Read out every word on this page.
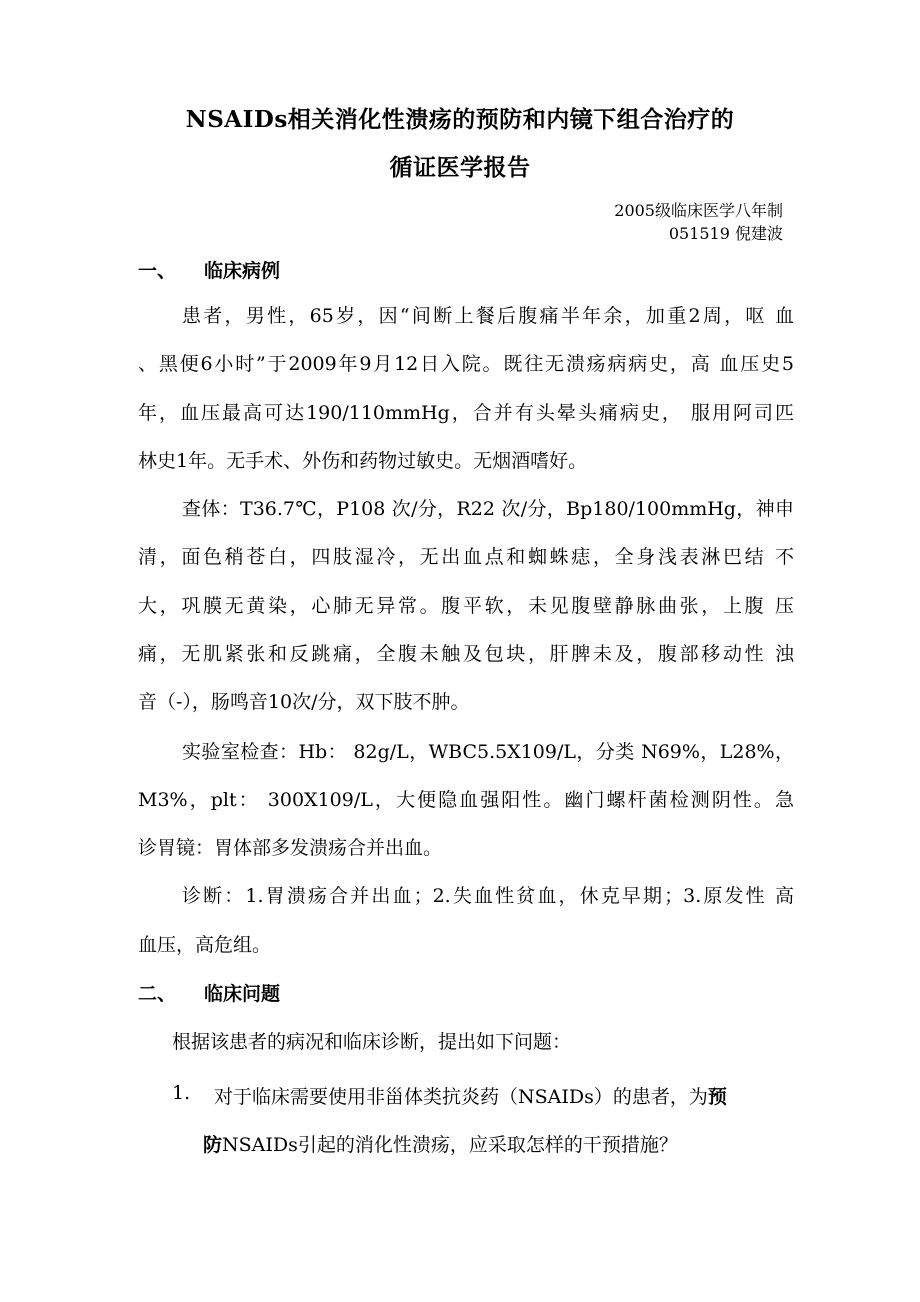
NSAIDs相关消化性溃疡的预防和内镜下组合治疗的
循证医学报告
2005级临床医学八年制
051519 倪建波
一、 临床病例
患者，男性，65岁，因“间断上餐后腹痛半年余，加重2周，呕 血
、黑便6小时”于2009年9月12日入院。既往无溃疡病病史，高 血压史5
年，血压最高可达190/110mmHg，合并有头晕头痛病史， 服用阿司匹
林史1年。无手术、外伤和药物过敏史。无烟酒嗜好。
查体：T36.7℃，P108 次/分，R22 次/分，Bp180/100mmHg，神申
清，面色稍苍白，四肢湿冷，无出血点和蜘蛛痣，全身浅表淋巴结 不
大，巩膜无黄染，心肺无异常。腹平软，未见腹壁静脉曲张，上腹 压
痛，无肌紧张和反跳痛，全腹未触及包块，肝脾未及，腹部移动性 浊
音（-），肠鸣音10次/分，双下肢不肿。
实验室检查：Hb： 82g/L，WBC5.5X109/L，分类 N69%，L28%，
M3%，plt： 300X109/L，大便隐血强阳性。幽门螺杆菌检测阴性。急
诊胃镜：胃体部多发溃疡合并出血。
诊断：1.胃溃疡合并出血；2.失血性贫血，休克早期；3.原发性 高
血压，高危组。
二、 临床问题
根据该患者的病况和临床诊断，提出如下问题：
1. 对于临床需要使用非甾体类抗炎药（NSAIDs）的患者，为预
防NSAIDs引起的消化性溃疡，应采取怎样的干预措施？
